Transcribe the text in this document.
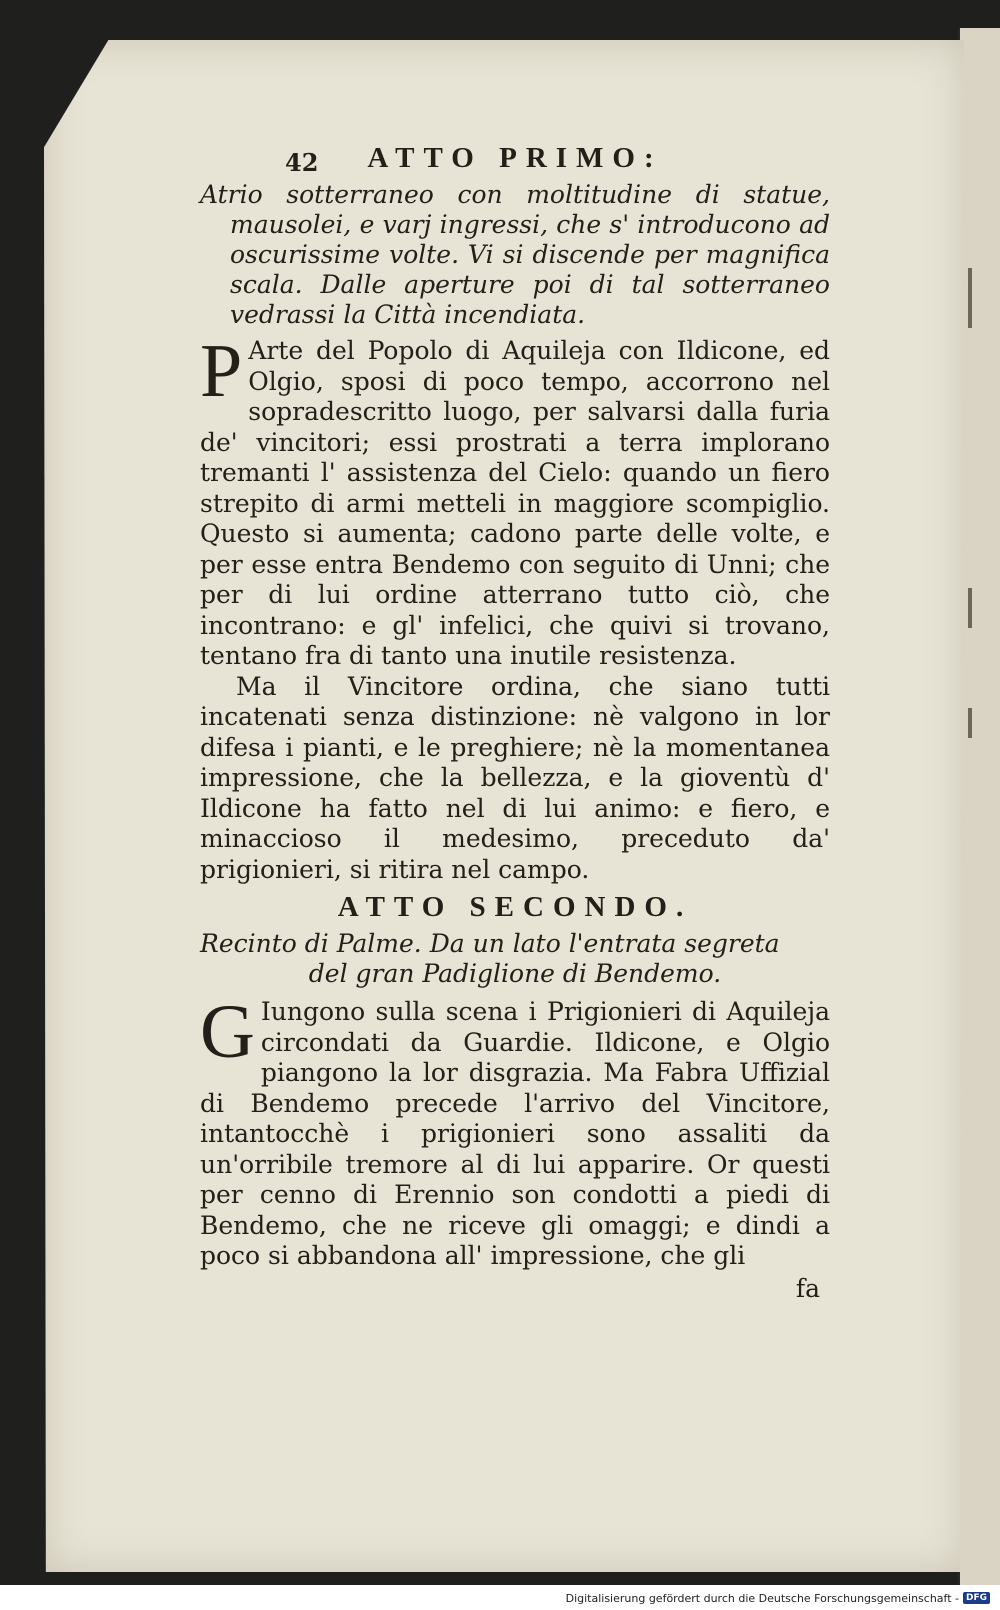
42	ATTO PRIMO:

Atrio sotterraneo con moltitudine di statue, mausolei, e varj ingressi, che s' introducono ad oscurissime volte. Vi si discende per magnifica scala. Dalle aperture poi di tal sotterraneo vedrassi la Città incendiata.

P Arte del Popolo di Aquileja con Ildicone, ed Olgio, sposi di poco tempo, accorrono nel sopradescritto luogo, per salvarsi dalla furia de' vincitori; essi prostrati a terra implorano tremanti l' assistenza del Cielo: quando un fiero strepito di armi metteli in maggiore scompiglio. Questo si aumenta; cadono parte delle volte, e per esse entra Bendemo con seguito di Unni; che per di lui ordine atterrano tutto ciò, che incontrano: e gl' infelici, che quivi si trovano, tentano fra di tanto una inutile resistenza.

Ma il Vincitore ordina, che siano tutti incatenati senza distinzione: nè valgono in lor difesa i pianti, e le preghiere; nè la momentanea impressione, che la bellezza, e la gioventù d' Ildicone ha fatto nel di lui animo: e fiero, e minaccioso il medesimo, preceduto da' prigionieri, si ritira nel campo.

ATTO SECONDO.

Recinto di Palme. Da un lato l'entrata segreta
del gran Padiglione di Bendemo.

G Iungono sulla scena i Prigionieri di Aquileja circondati da Guardie. Ildicone, e Olgio piangono la lor disgrazia. Ma Fabra Uffizial di Bendemo precede l'arrivo del Vincitore, intantocchè i prigionieri sono assaliti da un'orribile tremore al di lui apparire. Or questi per cenno di Erennio son condotti a piedi di Bendemo, che ne riceve gli omaggi; e dindi a poco si abbandona all' impressione, che gli

fa
Digitalisierung gefördert durch die Deutsche Forschungsgemeinschaft - DFG
